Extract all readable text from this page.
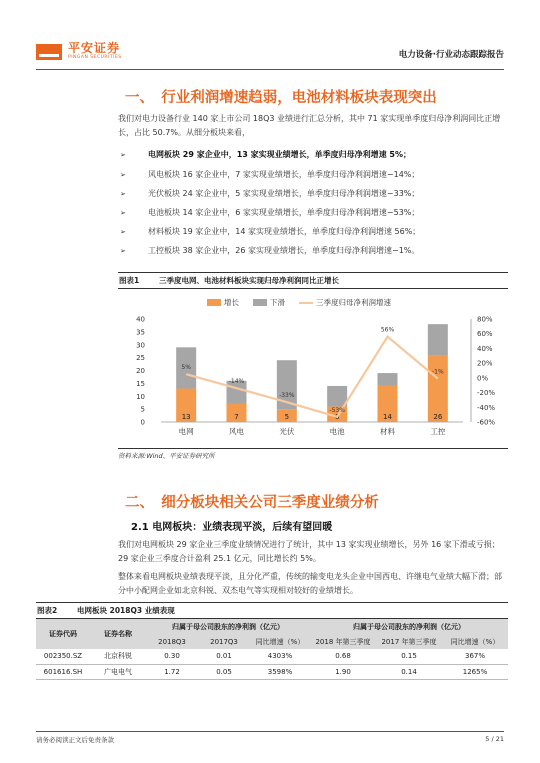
平安证券
PINGAN SECURITIES	电力设备·行业动态跟踪报告
一、　行业利润增速趋弱，电池材料板块表现突出
我们对电力设备行业 140 家上市公司 18Q3 业绩进行汇总分析，其中 71 家实现单季度归母净利润同比正增长，占比 50.7%。从细分板块来看，
➢	电网板块 29 家企业中，13 家实现业绩增长，单季度归母净利增速 5%；
➢	风电板块 16 家企业中，7 家实现业绩增长，单季度归母净利润增速−14%；
➢	光伏板块 24 家企业中，5 家实现业绩增长，单季度归母净利润增速−33%；
➢	电池板块 14 家企业中，6 家实现业绩增长，单季度归母净利润增速−53%；
➢	材料板块 19 家企业中，14 家实现业绩增长，单季度归母净利润增速 56%；
➢	工控板块 38 家企业中，26 家实现业绩增长，单季度归母净利润增速−1%。
图表1	三季度电网、电池材料板块实现归母净利润同比正增长
增长	下滑	三季度归母净利润增速
0
5
10
15
20
25
30
35
40
-60%
-40%
-20%
0%
20%
40%
60%
80%
13
电网
7
风电
5
光伏
6
电池
14
材料
26
工控
5%
-14%
-33%
-53%
56%
-1%
资料来源:Wind、平安证券研究所
二、　细分板块相关公司三季度业绩分析
2.1 电网板块：业绩表现平淡，后续有望回暖
我们对电网板块 29 家企业三季度业绩情况进行了统计，其中 13 家实现业绩增长，另外 16 家下滑或亏损；29 家企业三季度合计盈利 25.1 亿元，同比增长约 5%。
整体来看电网板块业绩表现平淡，且分化严重，传统的输变电龙头企业中国西电、许继电气业绩大幅下滑；部分中小配网企业如北京科锐、双杰电气等实现相对较好的业绩增长。
图表2	电网板块 2018Q3 业绩表现
证券代码	证券名称	归属于母公司股东的净利润（亿元）			归属于母公司股东的净利润（亿元）		
		2018Q3	2017Q3	同比增速（%）	2018 年第三季度	2017 年第三季度	同比增速（%）
002350.SZ	北京科锐	0.30	0.01	4303%	0.68	0.15	367%
601616.SH	广电电气	1.72	0.05	3598%	1.90	0.14	1265%
请务必阅读正文后免责条款	5 / 21
